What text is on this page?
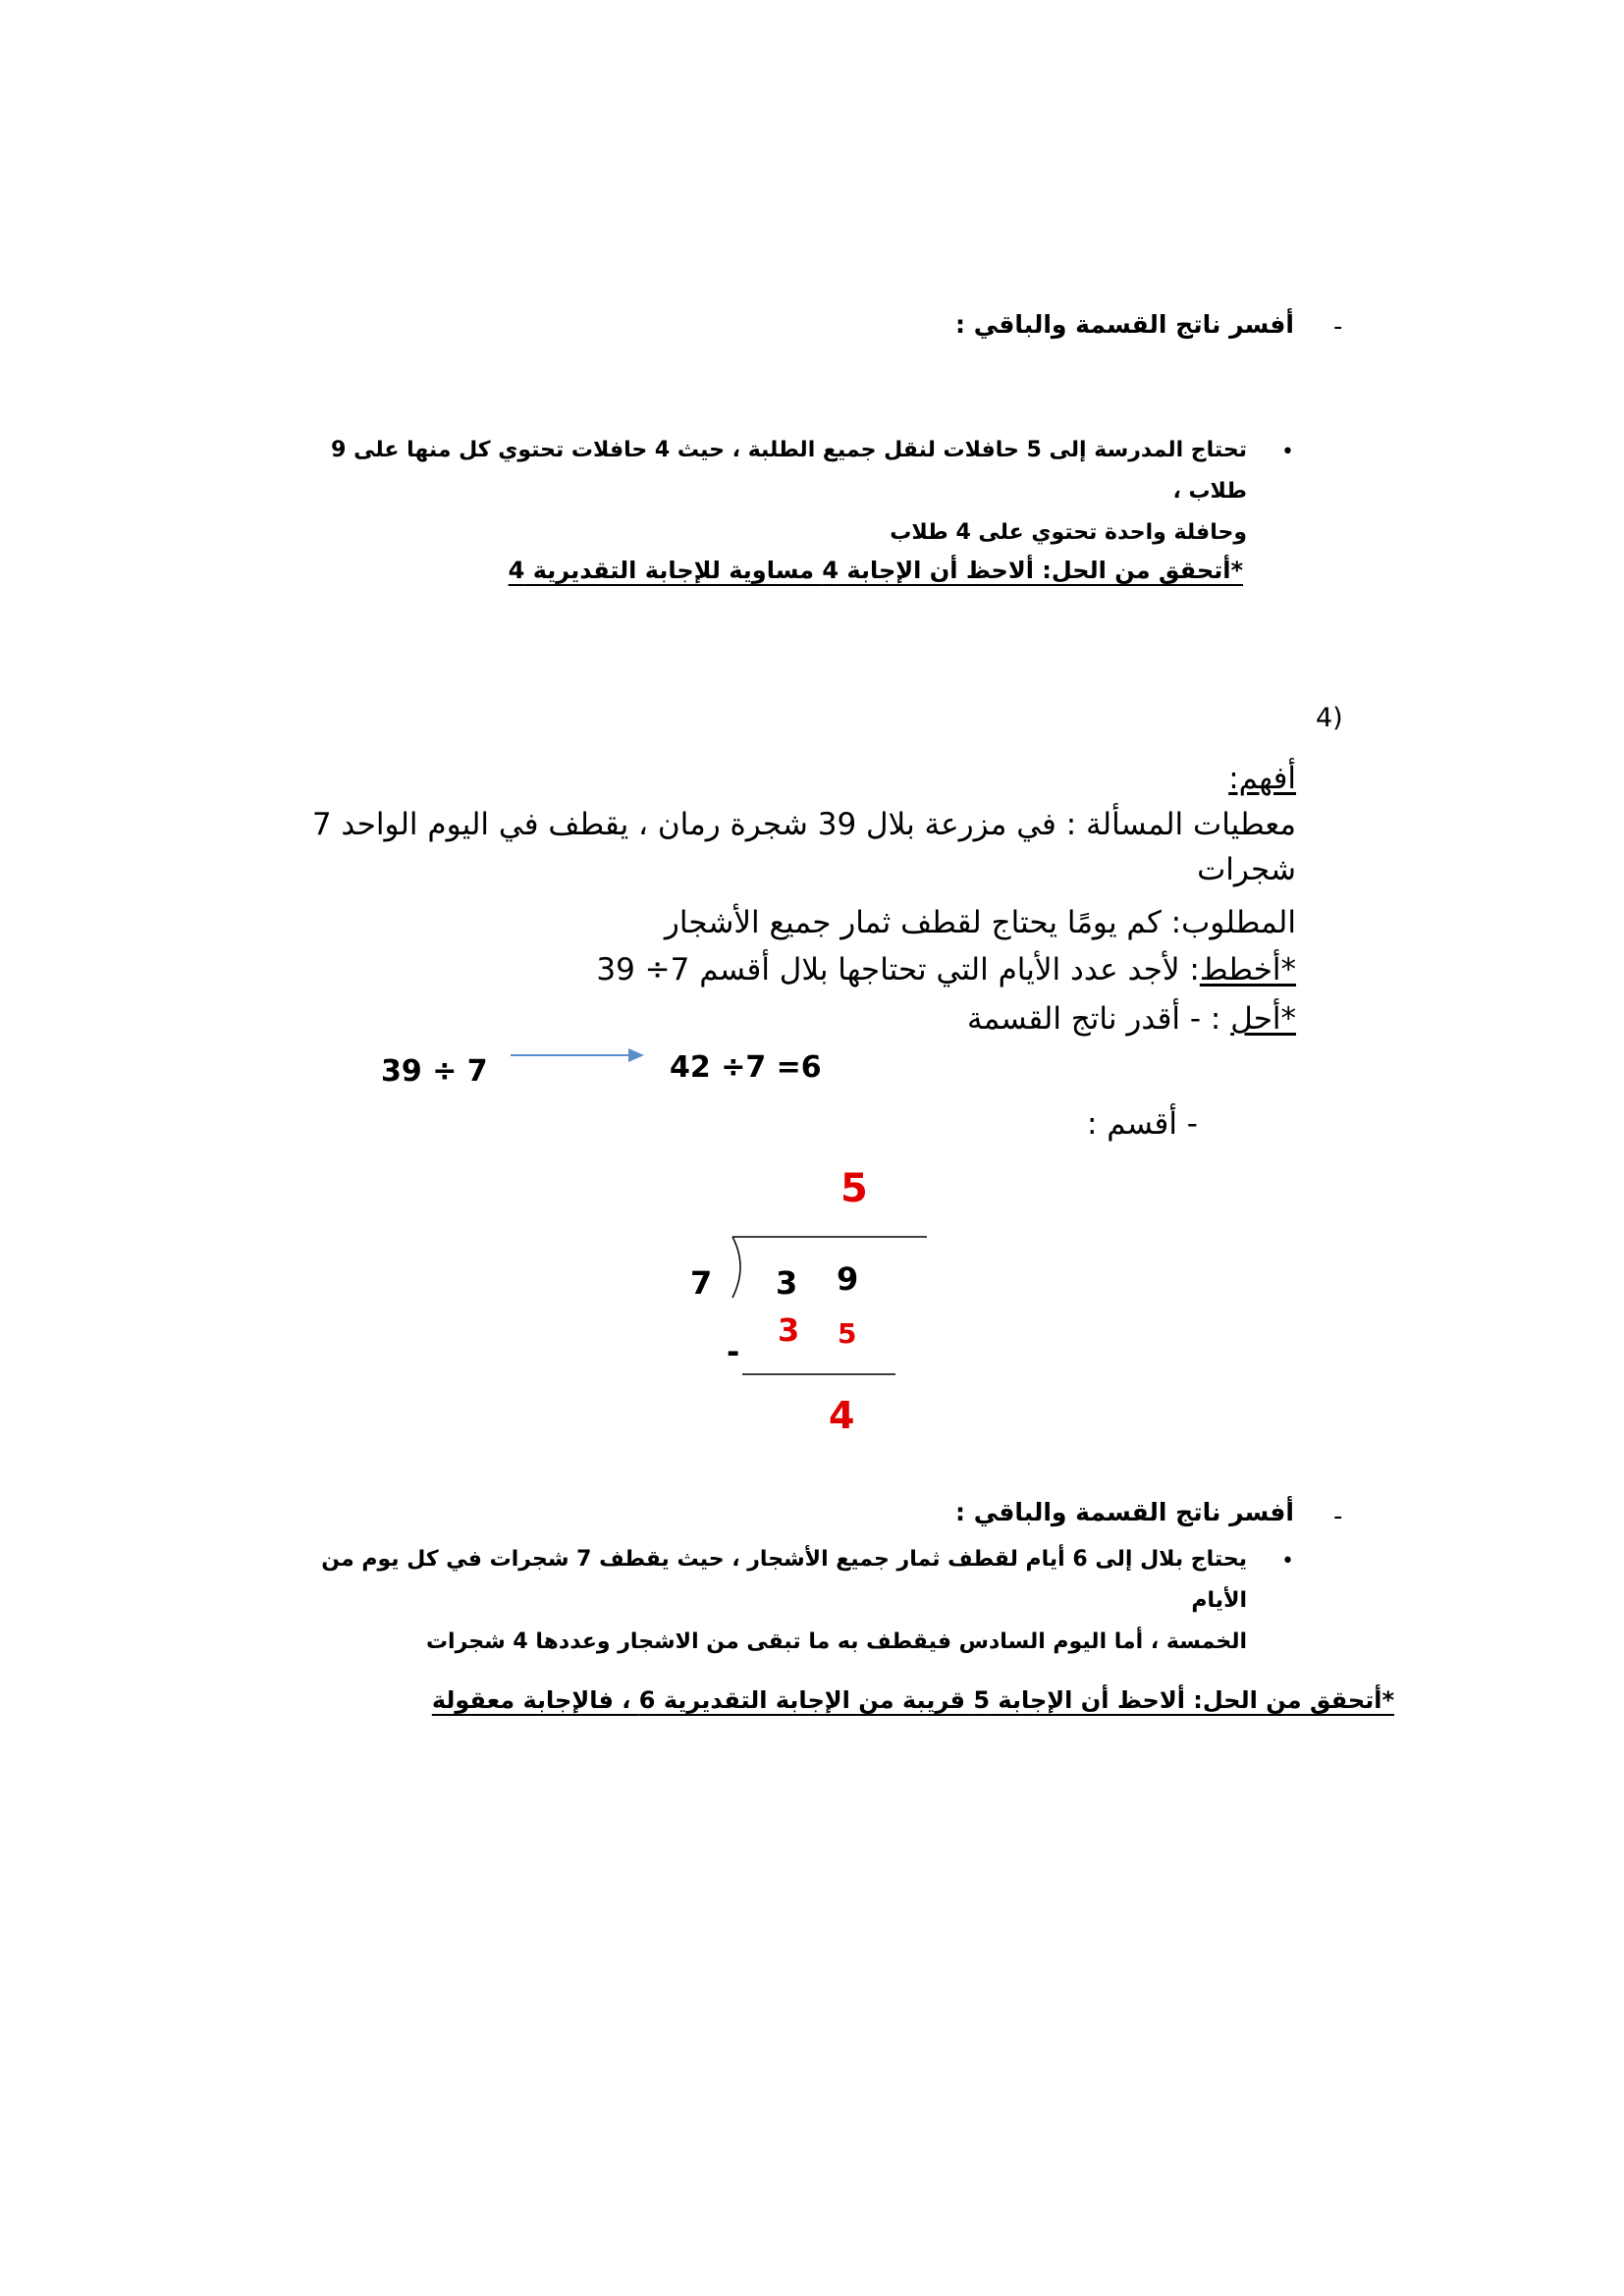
-
أفسر ناتج القسمة والباقي :
•
تحتاج المدرسة إلى 5 حافلات لنقل جميع الطلبة ، حيث 4 حافلات تحتوي كل منها على 9 طلاب ،
وحافلة واحدة تحتوي على 4 طلاب
*أتحقق من الحل: ألاحظ أن الإجابة 4 مساوية للإجابة التقديرية 4
4)
أفهم:
معطيات المسألة : في مزرعة بلال 39 شجرة رمان ، يقطف في اليوم الواحد 7
شجرات
المطلوب: كم يومًا يحتاج لقطف ثمار جميع الأشجار
*أخطط: لأجد عدد الأيام التي تحتاجها بلال أقسم 7÷ 39
*أحل : - أقدر ناتج القسمة
39 ÷ 7	42 ÷7 =6
- أقسم :
5
7 3 9
3 5
-
4
-
أفسر ناتج القسمة والباقي :
•
يحتاج بلال إلى 6 أيام لقطف ثمار جميع الأشجار ، حيث يقطف 7 شجرات في كل يوم من الأيام
الخمسة ، أما اليوم السادس فيقطف به ما تبقى من الاشجار وعددها 4 شجرات
*أتحقق من الحل: ألاحظ أن الإجابة 5 قريبة من الإجابة التقديرية 6 ، فالإجابة معقولة
